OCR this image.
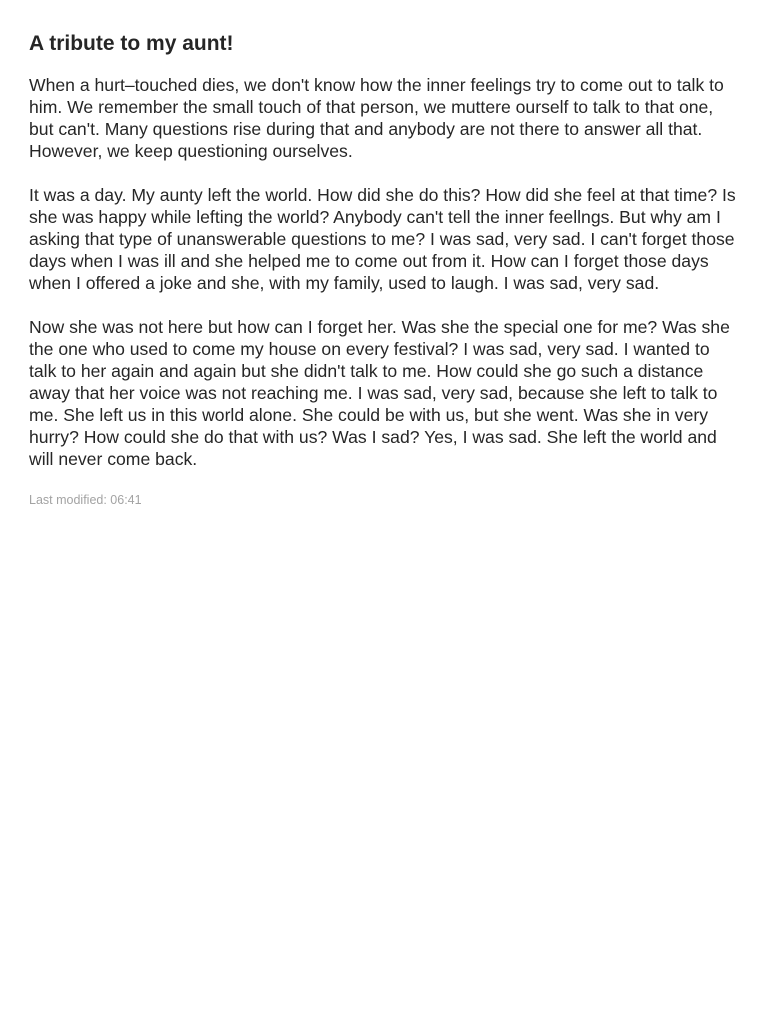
A tribute to my aunt!

When a hurt–touched dies, we don't know how the inner feelings try to come out to talk to him. We remember the small touch of that person, we muttere ourself to talk to that one, but can't. Many questions rise during that and anybody are not there to answer all that. However, we keep questioning ourselves.

It was a day. My aunty left the world. How did she do this? How did she feel at that time? Is she was happy while lefting the world? Anybody can't tell the inner feellngs. But why am I asking that type of unanswerable questions to me? I was sad, very sad. I can't forget those days when I was ill and she helped me to come out from it. How can I forget those days when I offered a joke and she, with my family, used to laugh. I was sad, very sad.

Now she was not here but how can I forget her. Was she the special one for me? Was she the one who used to come my house on every festival? I was sad, very sad. I wanted to talk to her again and again but she didn't talk to me. How could she go such a distance away that her voice was not reaching me. I was sad, very sad, because she left to talk to me. She left us in this world alone. She could be with us, but she went. Was she in very hurry? How could she do that with us? Was I sad? Yes, I was sad. She left the world and will never come back.

Last modified: 06:41
